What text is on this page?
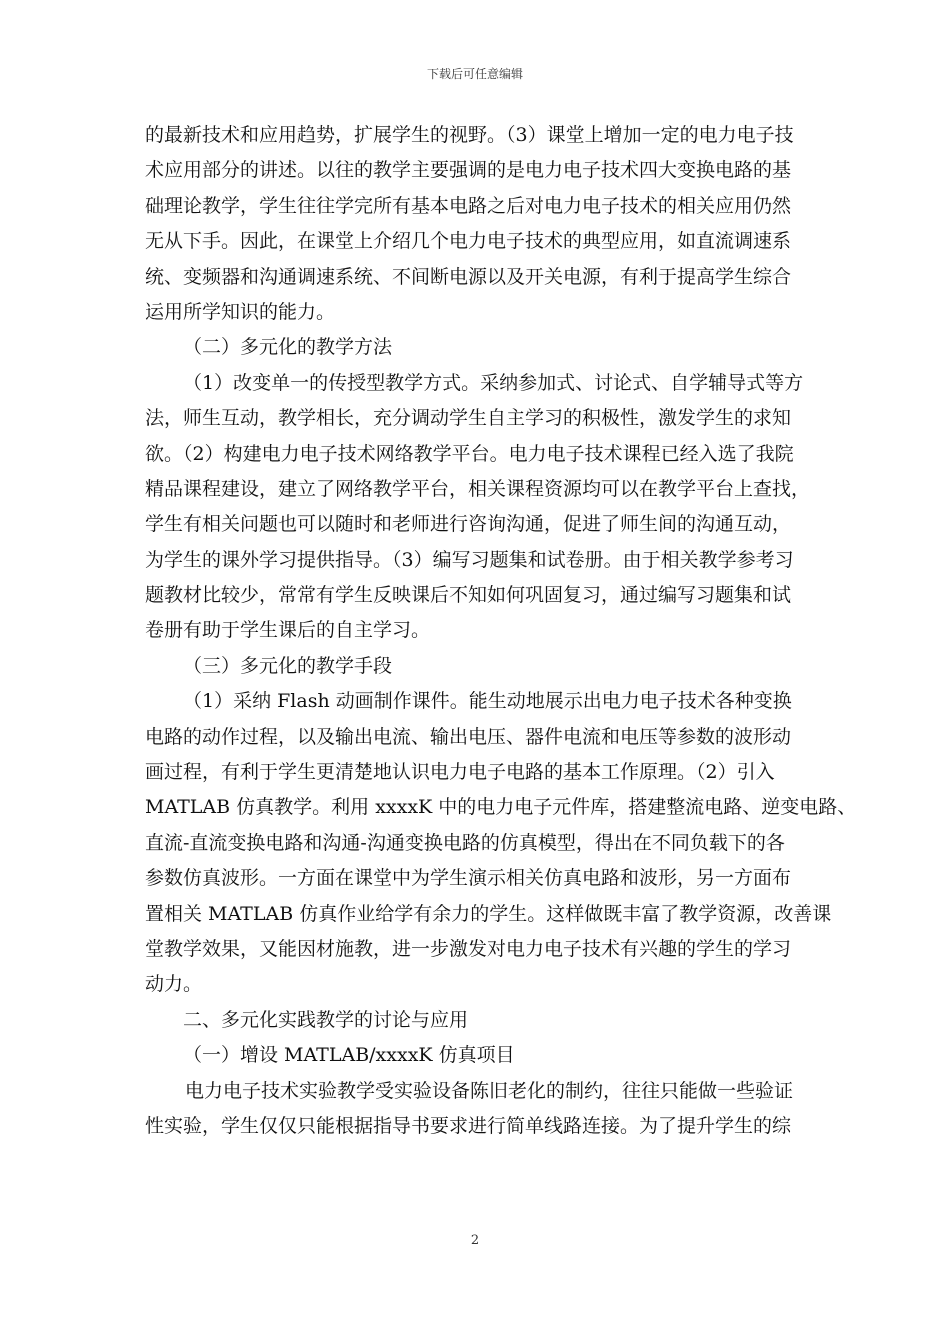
下载后可任意编辑
的最新技术和应用趋势，扩展学生的视野。（3）课堂上增加一定的电力电子技
术应用部分的讲述。以往的教学主要强调的是电力电子技术四大变换电路的基
础理论教学，学生往往学完所有基本电路之后对电力电子技术的相关应用仍然
无从下手。因此，在课堂上介绍几个电力电子技术的典型应用，如直流调速系
统、变频器和沟通调速系统、不间断电源以及开关电源，有利于提高学生综合
运用所学知识的能力。
（二）多元化的教学方法
（1）改变单一的传授型教学方式。采纳参加式、讨论式、自学辅导式等方
法，师生互动，教学相长，充分调动学生自主学习的积极性，激发学生的求知
欲。（2）构建电力电子技术网络教学平台。电力电子技术课程已经入选了我院
精品课程建设，建立了网络教学平台，相关课程资源均可以在教学平台上查找，
学生有相关问题也可以随时和老师进行咨询沟通，促进了师生间的沟通互动，
为学生的课外学习提供指导。（3）编写习题集和试卷册。由于相关教学参考习
题教材比较少，常常有学生反映课后不知如何巩固复习，通过编写习题集和试
卷册有助于学生课后的自主学习。
（三）多元化的教学手段
（1）采纳 Flash 动画制作课件。能生动地展示出电力电子技术各种变换
电路的动作过程，以及输出电流、输出电压、器件电流和电压等参数的波形动
画过程，有利于学生更清楚地认识电力电子电路的基本工作原理。（2）引入
MATLAB 仿真教学。利用 xxxxK 中的电力电子元件库，搭建整流电路、逆变电路、
直流-直流变换电路和沟通-沟通变换电路的仿真模型，得出在不同负载下的各
参数仿真波形。一方面在课堂中为学生演示相关仿真电路和波形，另一方面布
置相关 MATLAB 仿真作业给学有余力的学生。这样做既丰富了教学资源，改善课
堂教学效果，又能因材施教，进一步激发对电力电子技术有兴趣的学生的学习
动力。
二、多元化实践教学的讨论与应用
（一）增设 MATLAB/xxxxK 仿真项目
电力电子技术实验教学受实验设备陈旧老化的制约，往往只能做一些验证
性实验，学生仅仅只能根据指导书要求进行简单线路连接。为了提升学生的综
2
